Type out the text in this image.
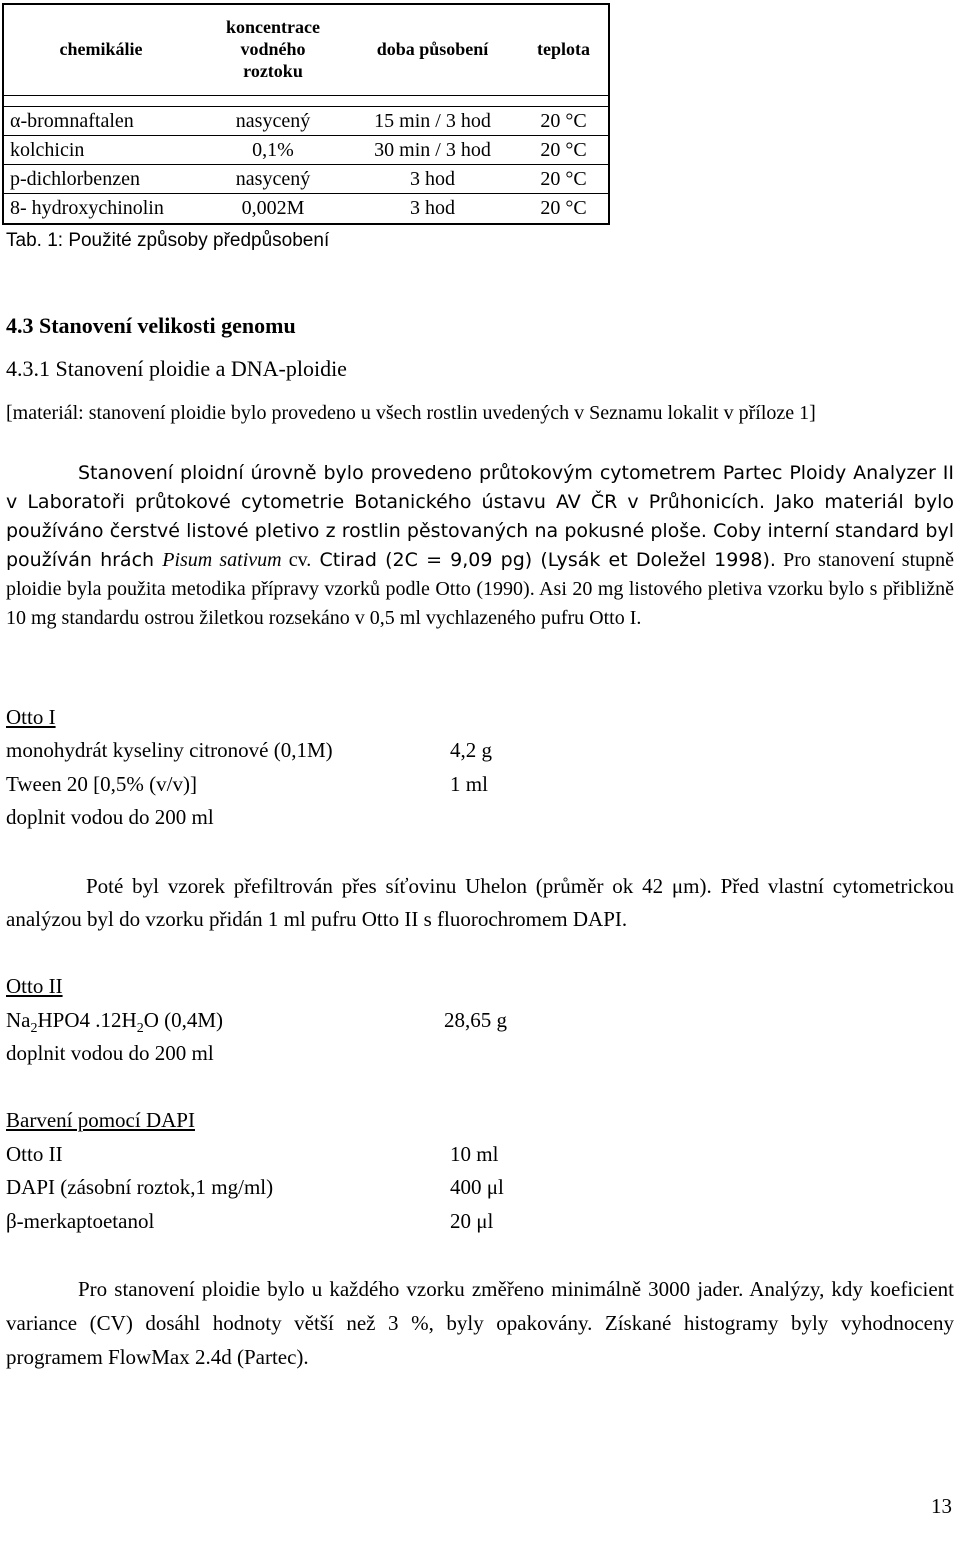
chemikálie	koncentrace vodného roztoku	doba působení	teplota

α-bromnaftalen	nasycený	15 min / 3 hod	20 °C
kolchicin	0,1%	30 min / 3 hod	20 °C
p-dichlorbenzen	nasycený	3 hod	20 °C
8- hydroxychinolin	0,002M	3 hod	20 °C
Tab. 1: Použité způsoby předpůsobení
4.3 Stanovení velikosti genomu
4.3.1 Stanovení ploidie a DNA-ploidie
[materiál: stanovení ploidie bylo provedeno u všech rostlin uvedených v Seznamu lokalit v příloze 1]
Stanovení ploidní úrovně bylo provedeno průtokovým cytometrem Partec Ploidy Analyzer II v Laboratoři průtokové cytometrie Botanického ústavu AV ČR v Průhonicích. Jako materiál bylo používáno čerstvé listové pletivo z rostlin pěstovaných na pokusné ploše. Coby interní standard byl používán hrách Pisum sativum cv. Ctirad (2C = 9,09 pg) (Lysák et Doležel 1998). Pro stanovení stupně ploidie byla použita metodika přípravy vzorků podle Otto (1990). Asi 20 mg listového pletiva vzorku bylo s přibližně 10 mg standardu ostrou žiletkou rozsekáno v 0,5 ml vychlazeného pufru Otto I.
Otto I
monohydrát kyseliny citronové (0,1M)	4,2 g
Tween 20 [0,5% (v/v)]	1 ml
doplnit vodou do 200 ml
Poté byl vzorek přefiltrován přes síťovinu Uhelon (průměr ok 42 μm). Před vlastní cytometrickou analýzou byl do vzorku přidán 1 ml pufru Otto II s fluorochromem DAPI.
Otto II
$Na_2HPO4$ $.12H_2O$ (0,4M)	28,65 g
doplnit vodou do 200 ml
Barvení pomocí DAPI
Otto II	10 ml
DAPI (zásobní roztok,1 mg/ml)	400 μl
β-merkaptoetanol	20 μl
Pro stanovení ploidie bylo u každého vzorku změřeno minimálně 3000 jader. Analýzy, kdy koeficient variance (CV) dosáhl hodnoty větší než 3 %, byly opakovány. Získané histogramy byly vyhodnoceny programem FlowMax 2.4d (Partec).
13
